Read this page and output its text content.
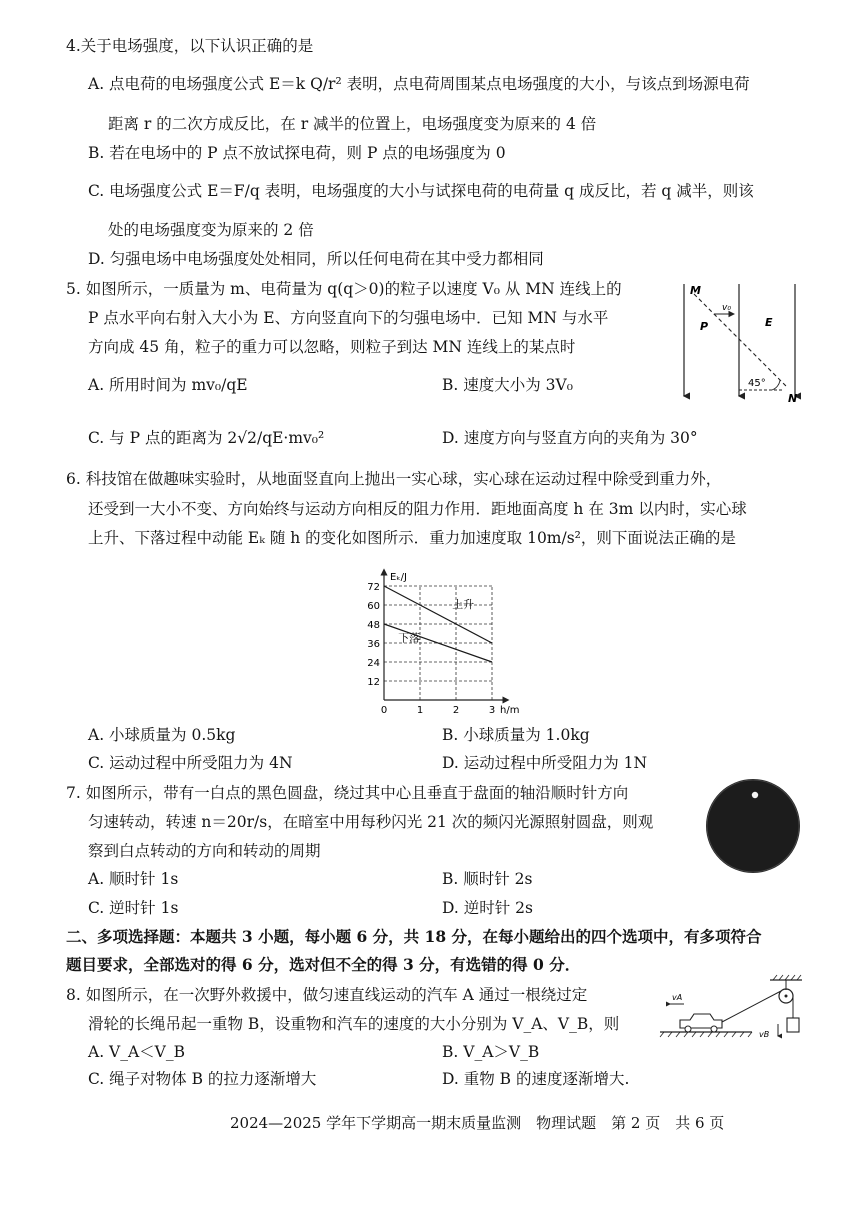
4.关于电场强度，以下认识正确的是
A. 点电荷的电场强度公式 E＝k Q/r² 表明，点电荷周围某点电场强度的大小，与该点到场源电荷
距离 r 的二次方成反比，在 r 减半的位置上，电场强度变为原来的 4 倍
B. 若在电场中的 P 点不放试探电荷，则 P 点的电场强度为 0
C. 电场强度公式 E＝F/q 表明，电场强度的大小与试探电荷的电荷量 q 成反比，若 q 减半，则该
处的电场强度变为原来的 2 倍
D. 匀强电场中电场强度处处相同，所以任何电荷在其中受力都相同
5. 如图所示，一质量为 m、电荷量为 q(q＞0)的粒子以速度 V₀ 从 MN 连线上的
P 点水平向右射入大小为 E、方向竖直向下的匀强电场中．已知 MN 与水平
方向成 45 角，粒子的重力可以忽略，则粒子到达 MN 连线上的某点时
A. 所用时间为 mv₀/qE	B. 速度大小为 3V₀
C. 与 P 点的距离为 2√2/qE·mv₀²	D. 速度方向与竖直方向的夹角为 30°
M
N
P	E
v₀
45°
6. 科技馆在做趣味实验时，从地面竖直向上抛出一实心球，实心球在运动过程中除受到重力外，
还受到一大小不变、方向始终与运动方向相反的阻力作用．距地面高度 h 在 3m 以内时，实心球
上升、下落过程中动能 Eₖ 随 h 的变化如图所示．重力加速度取 10m/s²，则下面说法正确的是
上升
下落
12
24
36
48
60
72
0	1	2	3
Eₖ/J
h/m
A. 小球质量为 0.5kg	B. 小球质量为 1.0kg
C. 运动过程中所受阻力为 4N	D. 运动过程中所受阻力为 1N
7. 如图所示，带有一白点的黑色圆盘，绕过其中心且垂直于盘面的轴沿顺时针方向
匀速转动，转速 n＝20r/s，在暗室中用每秒闪光 21 次的频闪光源照射圆盘，则观
察到白点转动的方向和转动的周期
A. 顺时针 1s	B. 顺时针 2s
C. 逆时针 1s	D. 逆时针 2s
二、多项选择题：本题共 3 小题，每小题 6 分，共 18 分，在每小题给出的四个选项中，有多项符合
题目要求，全部选对的得 6 分，选对但不全的得 3 分，有选错的得 0 分．
8. 如图所示，在一次野外救援中，做匀速直线运动的汽车 A 通过一根绕过定
滑轮的长绳吊起一重物 B，设重物和汽车的速度的大小分别为 V_A、V_B，则
A. V_A＜V_B	B. V_A＞V_B
C. 绳子对物体 B 的拉力逐渐增大	D. 重物 B 的速度逐渐增大.
vA
vB
2024—2025 学年下学期高一期末质量监测　物理试题　第 2 页　共 6 页
